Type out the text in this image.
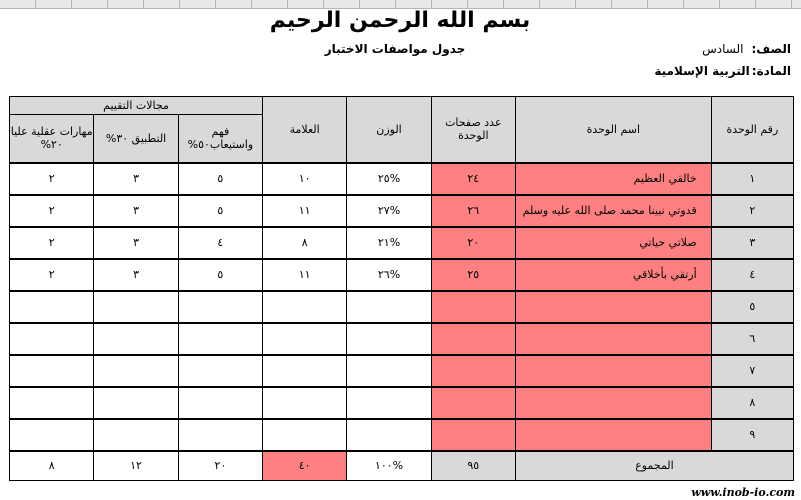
بسم الله الرحمن الرحيم
جدول مواصفات الاختبار	الصف:السادس
المادة:التربية الإسلامية
رقم الوحدة	اسم الوحدة	عدد صفحات الوحدة	الوزن	العلامة	مجالات التقييم		
					فهم واستيعاب٥٠%	التطبيق ٣٠%	مهارات عقلية عليا ٢٠%
١	خالقي العظيم	٢٤	%٢٥	١٠	٥	٣	٢
٢	قدوتي نبينا محمد صلى الله عليه وسلم	٢٦	%٢٧	١١	٥	٣	٢
٣	صلاتي حياتي	٢٠	%٢١	٨	٤	٣	٢
٤	أرتقي بأخلاقي	٢٥	%٢٦	١١	٥	٣	٢
٥							
٦							
٧							
٨							
٩							
المجموع		٩٥	%١٠٠	٤٠	٢٠	١٢	٨
www.inob-io.com
